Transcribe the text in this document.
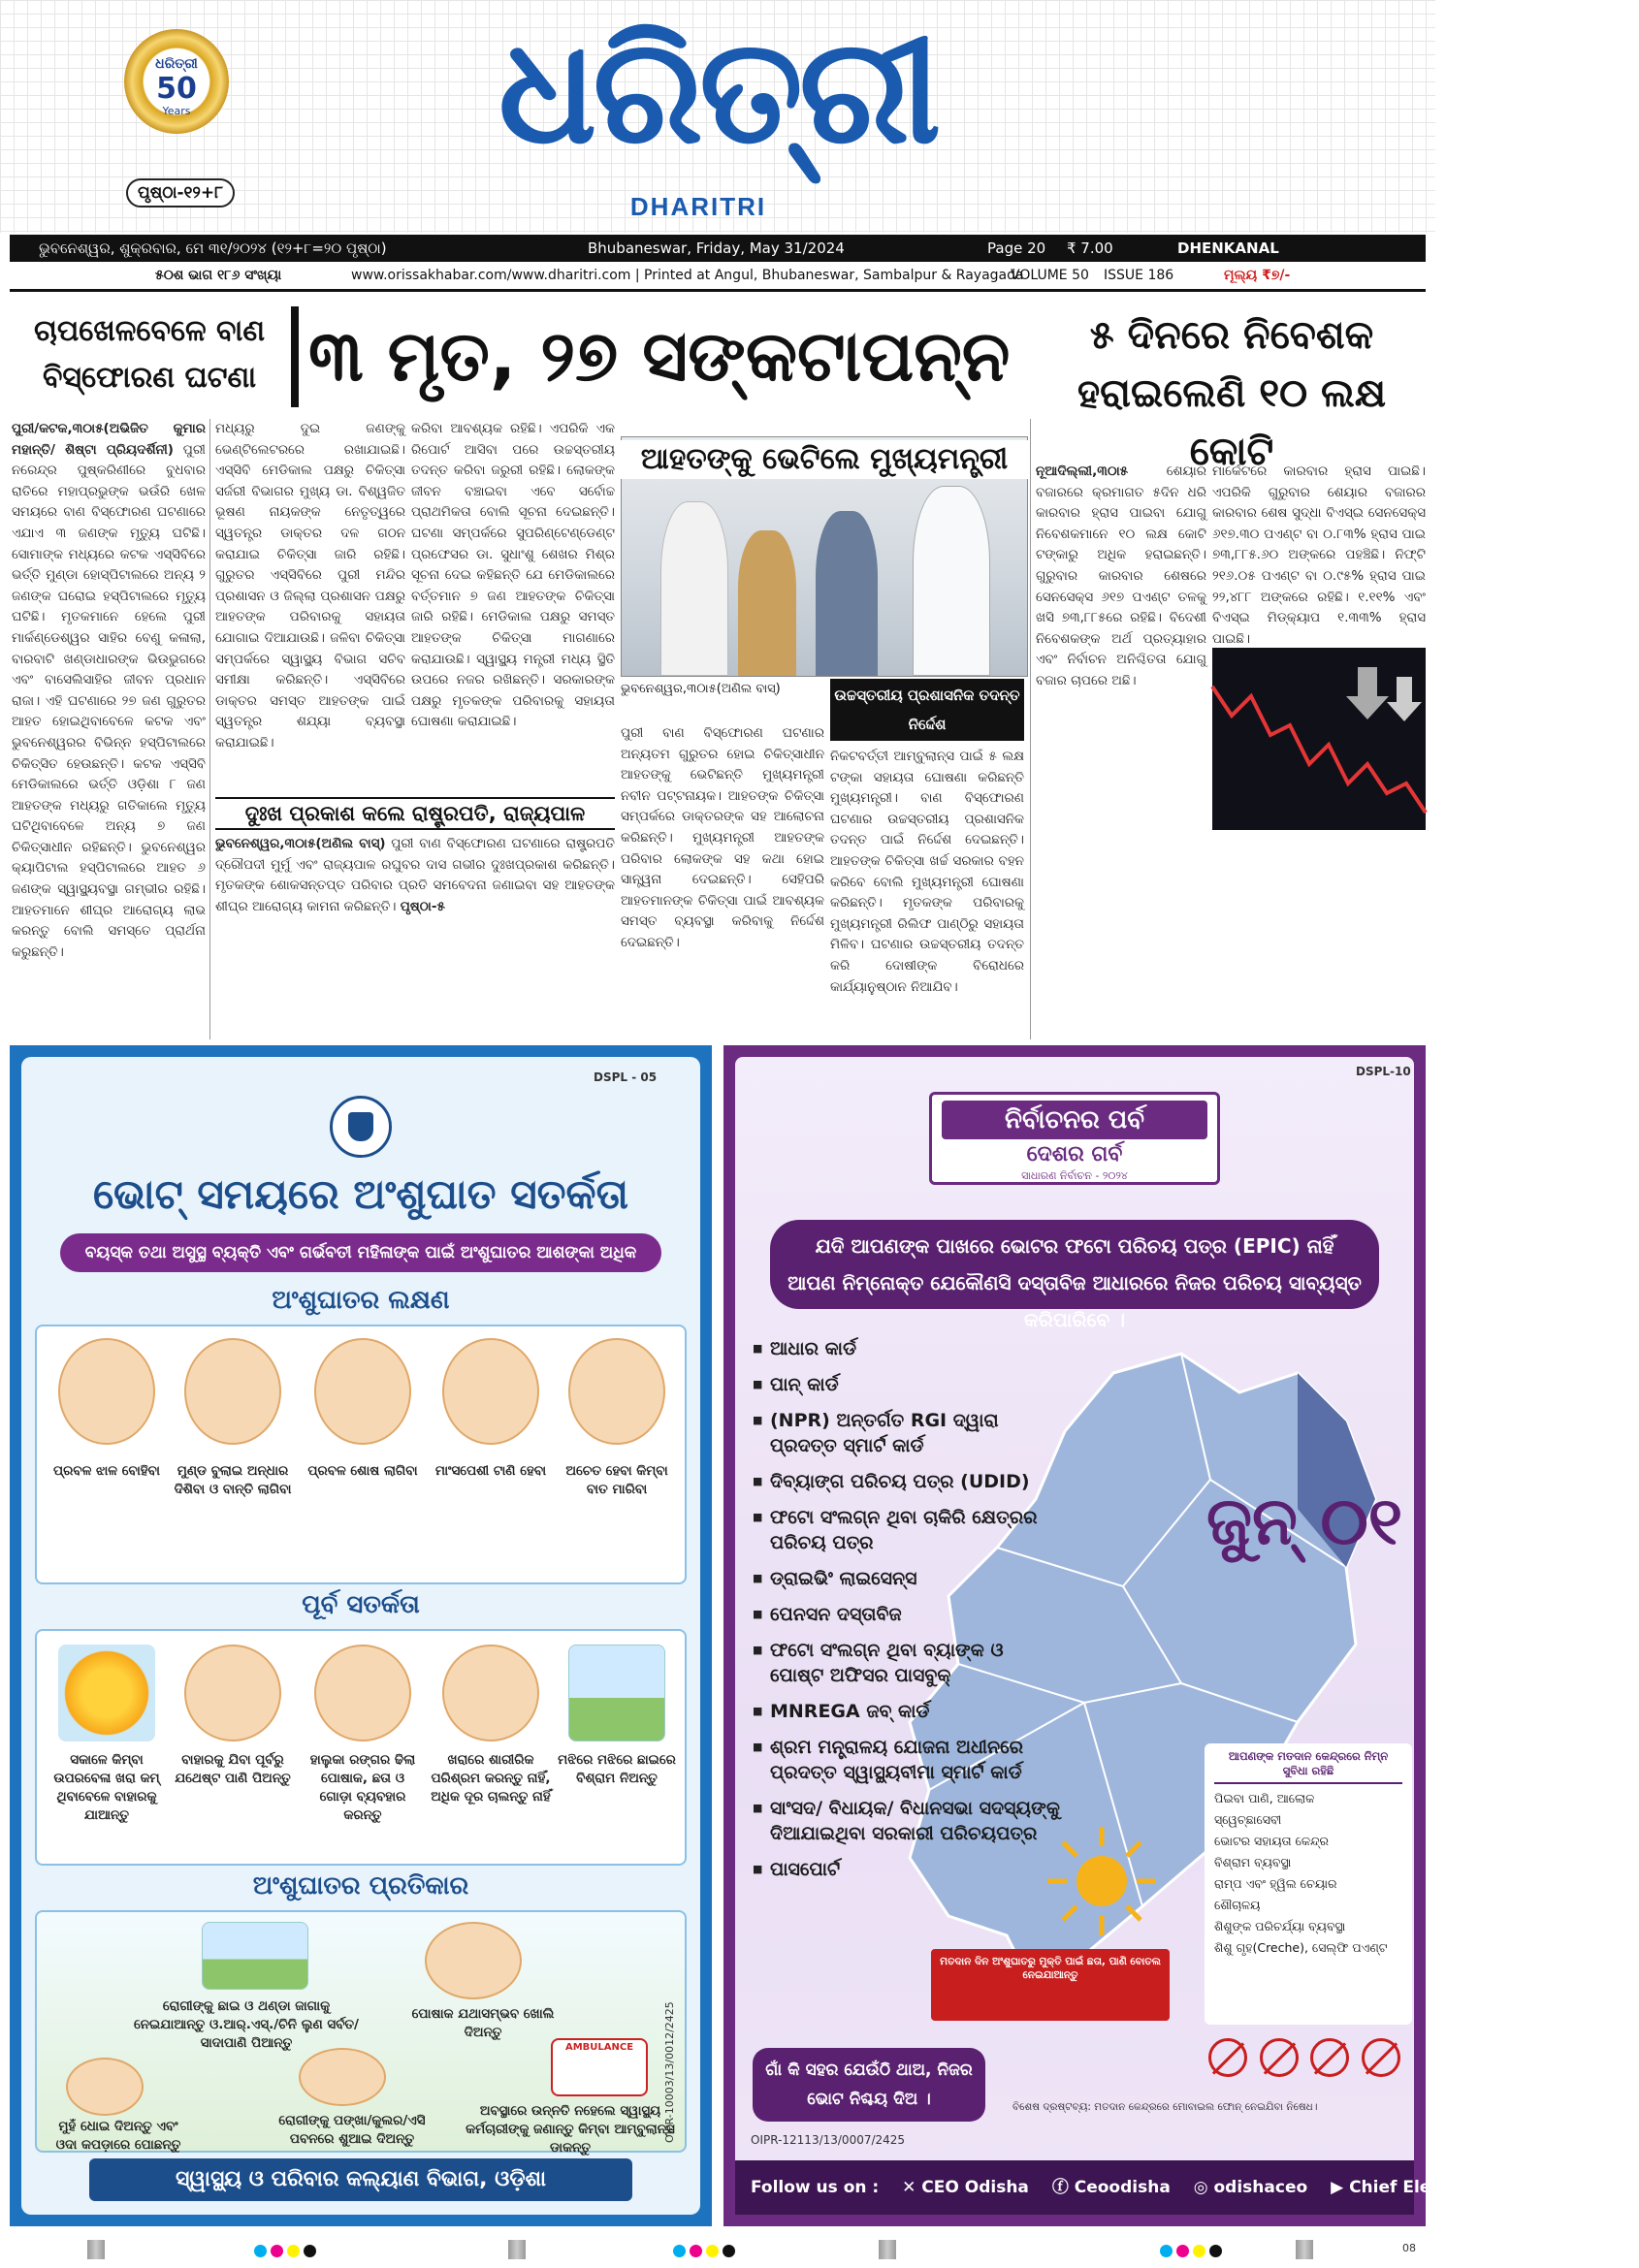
ଧରିତ୍ରୀ
50
Years
ପୃଷ୍ଠା-୧୨+୮
ଧରିତ୍ରୀ
DHARITRI
ଭୁବନେଶ୍ୱର, ଶୁକ୍ରବାର, ମେ ୩୧/୨୦୨୪ (୧୨+୮=୨୦ ପୃଷ୍ଠା)	Bhubaneswar, Friday, May 31/2024	Page 20 ₹ 7.00	DHENKANAL
୫୦ଶ ଭାଗ ୧୮୬ ସଂଖ୍ୟା	www.orissakhabar.com/www.dharitri.com | Printed at Angul, Bhubaneswar, Sambalpur & Rayagada
VOLUME 50 ISSUE 186	ମୂଲ୍ୟ ₹୭/-
ଚାପଖେଳବେଳେ ବାଣ ବିସ୍ଫୋରଣ ଘଟଣା ୩ ମୃତ, ୨୭ ସଙ୍କଟାପନ୍ନ	୫ ଦିନରେ ନିବେଶକ ହରାଇଲେଣି ୧୦ ଲକ୍ଷ କୋଟି
ପୁରୀ/କଟକ,୩୦ା୫(ଅଭିଜିତ କୁମାର ମହାନ୍ତି/ ଶିଷ୍ଟା ପ୍ରିୟଦର୍ଶିନୀ) ପୁରୀ ନରେନ୍ଦ୍ର ପୁଷ୍କରିଣୀରେ ବୁଧବାର ରାତିରେ ମହାପ୍ରଭୁଙ୍କ ଭଉଁରି ଖେଳ ସମୟରେ ବାଣ ବିସ୍ଫୋରଣ ଘଟଣାରେ ଏଯାଏ ୩ ଜଣଙ୍କ ମୃତ୍ୟୁ ଘଟିଛି। ସୋମାଙ୍କ ମଧ୍ୟରେ କଟକ ଏସ୍‌ସିବିରେ ଭର୍ତ୍ତି ମୁଣ୍ଡା ହୋସ୍ପିଟାଲରେ ଅନ୍ୟ ୨ ଜଣଙ୍କ ଘରୋଇ ହସ୍ପିଟାଲରେ ମୃତ୍ୟୁ ଘଟିଛି। ମୃତକମାନେ ହେଲେ ପୁରୀ ମାର୍କଣ୍ଡେଶ୍ୱର ସାହିର ବେଣୁ କଳାଲା, ବାରବାଟି ଖଣ୍ଡାଧାରଙ୍କ ଭିଉଭୁଗରେ ଏବଂ ବାସେଲିସାହିର ଜୀବନ ପ୍ରଧାନ ରାଜା। ଏହି ଘଟଣାରେ ୨୭ ଜଣ ଗୁରୁତର ଆହତ ହୋଇଥିବାବେଳେ କଟକ ଏବଂ ଭୁବନେଶ୍ୱରର ବିଭିନ୍ନ ହସ୍ପିଟାଲରେ ଚିକିତ୍ସିତ ହେଉଛନ୍ତି। କଟକ ଏସ୍‌ସିବି ମେଡିକାଲରେ ଭର୍ତ୍ତି ଓଡ଼ିଶା ୮ ଜଣ ଆହତଙ୍କ ମଧ୍ୟରୁ ଗତିକାଲେ ମୃତ୍ୟୁ ଘଟିଥିବାବେଳେ ଅନ୍ୟ ୭ ଜଣ ଚିକିତ୍ସାଧୀନ ରହିଛନ୍ତି। ଭୁବନେଶ୍ୱର କ୍ୟାପିଟାଲ ହସ୍ପିଟାଲରେ ଆହତ ୬ ଜଣଙ୍କ ସ୍ୱାସ୍ଥ୍ୟବସ୍ଥା ଗମ୍ଭୀର ରହିଛି। ଆହତମାନେ ଶୀଘ୍ର ଆରୋଗ୍ୟ ଲାଭ କରନ୍ତୁ ବୋଲି ସମସ୍ତେ ପ୍ରାର୍ଥନା କରୁଛନ୍ତି।
ମଧ୍ୟରୁ ଦୁଇ ଜଣଙ୍କୁ ଭେଣ୍ଟିଲେଟରରେ ରଖାଯାଇଛି। ଏସ୍‌ସିବି ମେଡିକାଲ ପକ୍ଷରୁ ଚିକିତ୍ସା ସର୍ଜରୀ ବିଭାଗର ମୁଖ୍ୟ ଡା. ବିଶ୍ୱଜିତ ଭୂଷଣ ନାୟକଙ୍କ ନେତୃତ୍ୱରେ ସ୍ୱତନ୍ତ୍ର ଡାକ୍ତର ଦଳ ଗଠନ କରାଯାଇ ଚିକିତ୍ସା ଜାରି ରହିଛି। ଗୁରୁତର ଏସ୍‌ସିବିରେ ପୁରୀ ମନ୍ଦିର ପ୍ରଶାସନ ଓ ଜିଲ୍ଲା ପ୍ରଶାସନ ପକ୍ଷରୁ ଆହତଙ୍କ ପରିବାରକୁ ସହାୟତା ଯୋଗାଇ ଦିଆଯାଉଛି। ଜଳିବା ଚିକିତ୍ସା ସମ୍ପର୍କରେ ସ୍ୱାସ୍ଥ୍ୟ ବିଭାଗ ସଚିବ ସମୀକ୍ଷା କରିଛନ୍ତି। ଏସ୍‌ସିବିରେ ଡାକ୍ତର ସମସ୍ତ ଆହତଙ୍କ ପାଇଁ ସ୍ୱତନ୍ତ୍ର ଶଯ୍ୟା ବ୍ୟବସ୍ଥା କରାଯାଇଛି।
କରିବା ଆବଶ୍ୟକ ରହିଛି। ଏପରିକି ଏକ ରିପୋର୍ଟ ଆସିବା ପରେ ଉଚ୍ଚସ୍ତରୀୟ ତଦନ୍ତ କରିବା ଜରୁରୀ ରହିଛି। ଲୋକଙ୍କ ଜୀବନ ବଞ୍ଚାଇବା ଏବେ ସର୍ବୋଚ୍ଚ ପ୍ରାଥମିକତା ବୋଲି ସୂଚନା ଦେଇଛନ୍ତି। ଘଟଣା ସମ୍ପର୍କରେ ସୁପରିଣ୍ଟେଣ୍ଡେଣ୍ଟ ପ୍ରଫେସର ଡା. ସୁଧାଂଶୁ ଶେଖର ମିଶ୍ର ସୂଚନା ଦେଇ କହିଛନ୍ତି ଯେ ମେଡିକାଲରେ ବର୍ତ୍ତମାନ ୭ ଜଣ ଆହତଙ୍କ ଚିକିତ୍ସା ଜାରି ରହିଛି। ମେଡିକାଲ ପକ୍ଷରୁ ସମସ୍ତ ଆହତଙ୍କ ଚିକିତ୍ସା ମାଗଣାରେ କରାଯାଉଛି। ସ୍ୱାସ୍ଥ୍ୟ ମନ୍ତ୍ରୀ ମଧ୍ୟ ସ୍ଥିତି ଉପରେ ନଜର ରଖିଛନ୍ତି। ସରକାରଙ୍କ ପକ୍ଷରୁ ମୃତକଙ୍କ ପରିବାରକୁ ସହାୟତା ଘୋଷଣା କରାଯାଇଛି।
ଦୁଃଖ ପ୍ରକାଶ କଲେ ରାଷ୍ଟ୍ରପତି, ରାଜ୍ୟପାଳ
ଭୁବନେଶ୍ୱର,୩୦ା୫(ଅଣିଲ ବାସ୍) ପୁରୀ ବାଣ ବିସ୍ଫୋରଣ ଘଟଣାରେ ରାଷ୍ଟ୍ରପତି ଦ୍ରୌପଦୀ ମୁର୍ମୁ ଏବଂ ରାଜ୍ୟପାଳ ରଘୁବର ଦାସ ଗଭୀର ଦୁଃଖପ୍ରକାଶ କରିଛନ୍ତି। ମୃତକଙ୍କ ଶୋକସନ୍ତପ୍ତ ପରିବାର ପ୍ରତି ସମବେଦନା ଜଣାଇବା ସହ ଆହତଙ୍କ ଶୀଘ୍ର ଆରୋଗ୍ୟ କାମନା କରିଛନ୍ତି। ପୃଷ୍ଠା-୫
ଆହତଙ୍କୁ ଭେଟିଲେ ମୁଖ୍ୟମନ୍ତ୍ରୀ
ଭୁବନେଶ୍ୱର,୩୦ା୫(ଅଣିଲ ବାସ୍)	ଉଚ୍ଚସ୍ତରୀୟ ପ୍ରଶାସନିକ ତଦନ୍ତ ନିର୍ଦ୍ଦେଶ
ପୁରୀ ବାଣ ବିସ୍ଫୋରଣ ଘଟଣାର ଅନ୍ୟତମ ଗୁରୁତର ହୋଇ ଚିକିତ୍ସାଧୀନ ଆହତଙ୍କୁ ଭେଟିଛନ୍ତି ମୁଖ୍ୟମନ୍ତ୍ରୀ ନବୀନ ପଟ୍ଟନାୟକ। ଆହତଙ୍କ ଚିକିତ୍ସା ସମ୍ପର୍କରେ ଡାକ୍ତରଙ୍କ ସହ ଆଲୋଚନା କରିଛନ୍ତି। ମୁଖ୍ୟମନ୍ତ୍ରୀ ଆହତଙ୍କ ପରିବାର ଲୋକଙ୍କ ସହ କଥା ହୋଇ ସାନ୍ତ୍ୱନା ଦେଇଛନ୍ତି। ସେହିପରି ଆହତମାନଙ୍କ ଚିକିତ୍ସା ପାଇଁ ଆବଶ୍ୟକ ସମସ୍ତ ବ୍ୟବସ୍ଥା କରିବାକୁ ନିର୍ଦ୍ଦେଶ ଦେଇଛନ୍ତି।
ନିକଟବର୍ତ୍ତୀ ଆମ୍ବୁଲାନ୍ସ ପାଇଁ ୫ ଲକ୍ଷ ଟଙ୍କା ସହାୟତା ଘୋଷଣା କରିଛନ୍ତି ମୁଖ୍ୟମନ୍ତ୍ରୀ। ବାଣ ବିସ୍ଫୋରଣ ଘଟଣାର ଉଚ୍ଚସ୍ତରୀୟ ପ୍ରଶାସନିକ ତଦନ୍ତ ପାଇଁ ନିର୍ଦ୍ଦେଶ ଦେଇଛନ୍ତି। ଆହତଙ୍କ ଚିକିତ୍ସା ଖର୍ଚ୍ଚ ସରକାର ବହନ କରିବେ ବୋଲି ମୁଖ୍ୟମନ୍ତ୍ରୀ ଘୋଷଣା କରିଛନ୍ତି। ମୃତକଙ୍କ ପରିବାରକୁ ମୁଖ୍ୟମନ୍ତ୍ରୀ ରିଲିଫ ପାଣ୍ଠିରୁ ସହାୟତା ମିଳିବ। ଘଟଣାର ଉଚ୍ଚସ୍ତରୀୟ ତଦନ୍ତ କରି ଦୋଷୀଙ୍କ ବିରୋଧରେ କାର୍ଯ୍ୟାନୁଷ୍ଠାନ ନିଆଯିବ।
ନୂଆଦିଲ୍ଲୀ,୩୦ା୫	ଶେୟାର ବଜାରରେ କ୍ରମାଗତ ୫ଦିନ ଧରି କାରବାର ହ୍ରାସ ପାଇବା ଯୋଗୁ ନିବେଶକମାନେ ୧୦ ଲକ୍ଷ କୋଟି ଟଙ୍କାରୁ ଅଧିକ ହରାଇଛନ୍ତି। ଗୁରୁବାର କାରବାର ଶେଷରେ ସେନସେକ୍ସ ୬୧୭ ପଏଣ୍ଟ ତଳକୁ ଖସି ୭୩,୮୮୫ରେ ରହିଛି। ବିଦେଶୀ ନିବେଶକଙ୍କ ଅର୍ଥ ପ୍ରତ୍ୟାହାର ଏବଂ ନିର୍ବାଚନ ଅନିଶ୍ଚିତତା ଯୋଗୁ ବଜାର ଚାପରେ ଅଛି।
ମାର୍କେଟରେ କାରବାର ହ୍ରାସ ପାଇଛି। ଏପରିକି ଗୁରୁବାର ଶେୟାର ବଜାରର କାରବାର ଶେଷ ସୁଦ୍ଧା ବିଏସ୍‌ଇ ସେନସେକ୍ସ ୬୧୭.୩୦ ପଏଣ୍ଟ ବା ୦.୮୩% ହ୍ରାସ ପାଇ ୭୩,୮୮୫.୬୦ ଅଙ୍କରେ ପହଞ୍ଚିଛି। ନିଫ୍ଟି ୨୧୬.୦୫ ପଏଣ୍ଟ ବା ୦.୯୫% ହ୍ରାସ ପାଇ ୨୨,୪୮୮ ଅଙ୍କରେ ରହିଛି। ୧.୧୧% ଏବଂ ବିଏସ୍‌ଇ ମିଡ୍‌କ୍ୟାପ ୧.୩୩% ହ୍ରାସ ପାଇଛି।
DSPL - 05
ଭୋଟ୍ ସମୟରେ ଅଂଶୁଘାତ ସତର୍କତା
ବୟସ୍କ ତଥା ଅସୁସ୍ଥ ବ୍ୟକ୍ତି ଏବଂ ଗର୍ଭବତୀ ମହିଳାଙ୍କ ପାଇଁ ଅଂଶୁଘାତର ଆଶଙ୍କା ଅଧିକ
ଅଂଶୁଘାତର ଲକ୍ଷଣ
ପ୍ରବଳ ଝାଳ ବୋହିବା	ମୁଣ୍ଡ ବୁଲାଇ ଅନ୍ଧାର ଦିଶିବା ଓ ବାନ୍ତି ଲାଗିବା
ପ୍ରବଳ ଶୋଷ ଲାଗିବା	ମାଂସପେଶୀ ଟାଣି ହେବା	ଅଚେତ ହେବା କିମ୍ବା ବାତ ମାରିବା
ପୂର୍ବ ସତର୍କତା
ସକାଳେ କିମ୍ବା ଉପରବେଳା ଖରା କମ୍ ଥିବାବେଳେ ବାହାରକୁ ଯାଆନ୍ତୁ
ବାହାରକୁ ଯିବା ପୂର୍ବରୁ ଯଥେଷ୍ଟ ପାଣି ପିଅନ୍ତୁ
ହାଲୁକା ରଙ୍ଗର ଢିଲା ପୋଷାକ, ଛତା ଓ ଗୋଡ଼ା ବ୍ୟବହାର କରନ୍ତୁ
ଖରାରେ ଶାରୀରିକ ପରିଶ୍ରମ କରନ୍ତୁ ନାହିଁ, ଅଧିକ ଦୂର ଚାଲନ୍ତୁ ନାହିଁ
ମଝିରେ ମଝିରେ ଛାଇରେ ବିଶ୍ରାମ ନିଅନ୍ତୁ
ଅଂଶୁଘାତର ପ୍ରତିକାର
ରୋଗୀଙ୍କୁ ଛାଇ ଓ ଥଣ୍ଡା ଜାଗାକୁ ନେଇଯାଆନ୍ତୁ ଓ.ଆର୍.ଏସ୍./ଚିନି ଲୁଣ ସର୍ବତ/ସାଦାପାଣି ପିଆନ୍ତୁ
ପୋଷାକ ଯଥାସମ୍ଭବ ଖୋଲି ଦିଅନ୍ତୁ
AMBULANCE
ମୁହଁ ଧୋଇ ଦିଅନ୍ତୁ ଏବଂ ଓଦା କପଡ଼ାରେ ପୋଛନ୍ତୁ
ରୋଗୀଙ୍କୁ ପଙ୍ଖା/କୁଲର/ଏସି ପବନରେ ଶୁଆଇ ଦିଅନ୍ତୁ
ଅବସ୍ଥାରେ ଉନ୍ନତି ନହେଲେ ସ୍ୱାସ୍ଥ୍ୟ କର୍ମଚାରୀଙ୍କୁ ଜଣାନ୍ତୁ କିମ୍ବା ଆମ୍ବୁଲାନ୍ସ ଡାକନ୍ତୁ
OIPR-10003/13/0012/2425
ସ୍ୱାସ୍ଥ୍ୟ ଓ ପରିବାର କଲ୍ୟାଣ ବିଭାଗ, ଓଡ଼ିଶା
DSPL-10
ନିର୍ବାଚନର ପର୍ବ
ଦେଶର ଗର୍ବ
ସାଧାରଣ ନିର୍ବାଚନ - ୨୦୨୪
ଯଦି ଆପଣଙ୍କ ପାଖରେ ଭୋଟର ଫଟୋ ପରିଚୟ ପତ୍ର (EPIC) ନାହିଁ
ଆପଣ ନିମ୍ନୋକ୍ତ ଯେକୌଣସି ଦସ୍ତାବିଜ ଆଧାରରେ ନିଜର ପରିଚୟ ସାବ୍ୟସ୍ତ କରିପାରିବେ ।
■ ଆଧାର କାର୍ଡ
■ ପାନ୍ କାର୍ଡ
■ (NPR) ଅନ୍ତର୍ଗତ RGI ଦ୍ୱାରା ପ୍ରଦତ୍ତ ସ୍ମାର୍ଟ କାର୍ଡ
■ ଦିବ୍ୟାଙ୍ଗ ପରିଚୟ ପତ୍ର (UDID)
■ ଫଟୋ ସଂଲଗ୍ନ ଥିବା ଚାକିରି କ୍ଷେତ୍ରର ପରିଚୟ ପତ୍ର
■ ଡ୍ରାଇଭିଂ ଲାଇସେନ୍ସ
■ ପେନସନ ଦସ୍ତାବିଜ
■ ଫଟୋ ସଂଲଗ୍ନ ଥିବା ବ୍ୟାଙ୍କ ଓ ପୋଷ୍ଟ ଅଫିସର ପାସବୁକ୍
■ MNREGA ଜବ୍ କାର୍ଡ
■ ଶ୍ରମ ମନ୍ତ୍ରାଳୟ ଯୋଜନା ଅଧୀନରେ ପ୍ରଦତ୍ତ ସ୍ୱାସ୍ଥ୍ୟବୀମା ସ୍ମାର୍ଟ କାର୍ଡ
■ ସାଂସଦ/ ବିଧାୟକ/ ବିଧାନସଭା ସଦସ୍ୟଙ୍କୁ ଦିଆଯାଇଥିବା ସରକାରୀ ପରିଚୟପତ୍ର
■ ପାସପୋର୍ଟ
ଜୁନ୍ ୦୧
ଆପଣଙ୍କ ମତଦାନ କେନ୍ଦ୍ରରେ ନିମ୍ନ ସୁବିଧା ରହିଛି
ପିଇବା ପାଣି, ଆଲୋକ
ସ୍ୱେଚ୍ଛାସେବୀ
ଭୋଟର ସହାୟତା କେନ୍ଦ୍ର
ବିଶ୍ରାମ ବ୍ୟବସ୍ଥା
ରାମ୍ପ ଏବଂ ହ୍ୱିଲ ଚେୟାର
ଶୌଚାଳୟ
ଶିଶୁଙ୍କ ପରିଚର୍ଯ୍ୟା ବ୍ୟବସ୍ଥା
ଶିଶୁ ଗୃହ(Creche), ସେଲ୍ଫି ପଏଣ୍ଟ
ମତଦାନ ଦିନ ଅଂଶୁଘାତରୁ ମୁକ୍ତି ପାଇଁ ଛତା, ପାଣି ବୋତଲ ନେଇଯାଆନ୍ତୁ
ଗାଁ କି ସହର ଯେଉଁଠି ଥାଅ, ନିଜର ଭୋଟ ନିଶ୍ଚୟ ଦିଅ ।	ବିଶେଷ ଦ୍ରଷ୍ଟବ୍ୟ: ମତଦାନ କେନ୍ଦ୍ରରେ ମୋବାଇଲ ଫୋନ୍ ନେଇଯିବା ନିଷେଧ।
OIPR-12113/13/0007/2425
Follow us on : ✕ CEO Odisha ⓕ Ceoodisha ◎ odishaceo ▶ Chief Electoral Officer Odisha
08
